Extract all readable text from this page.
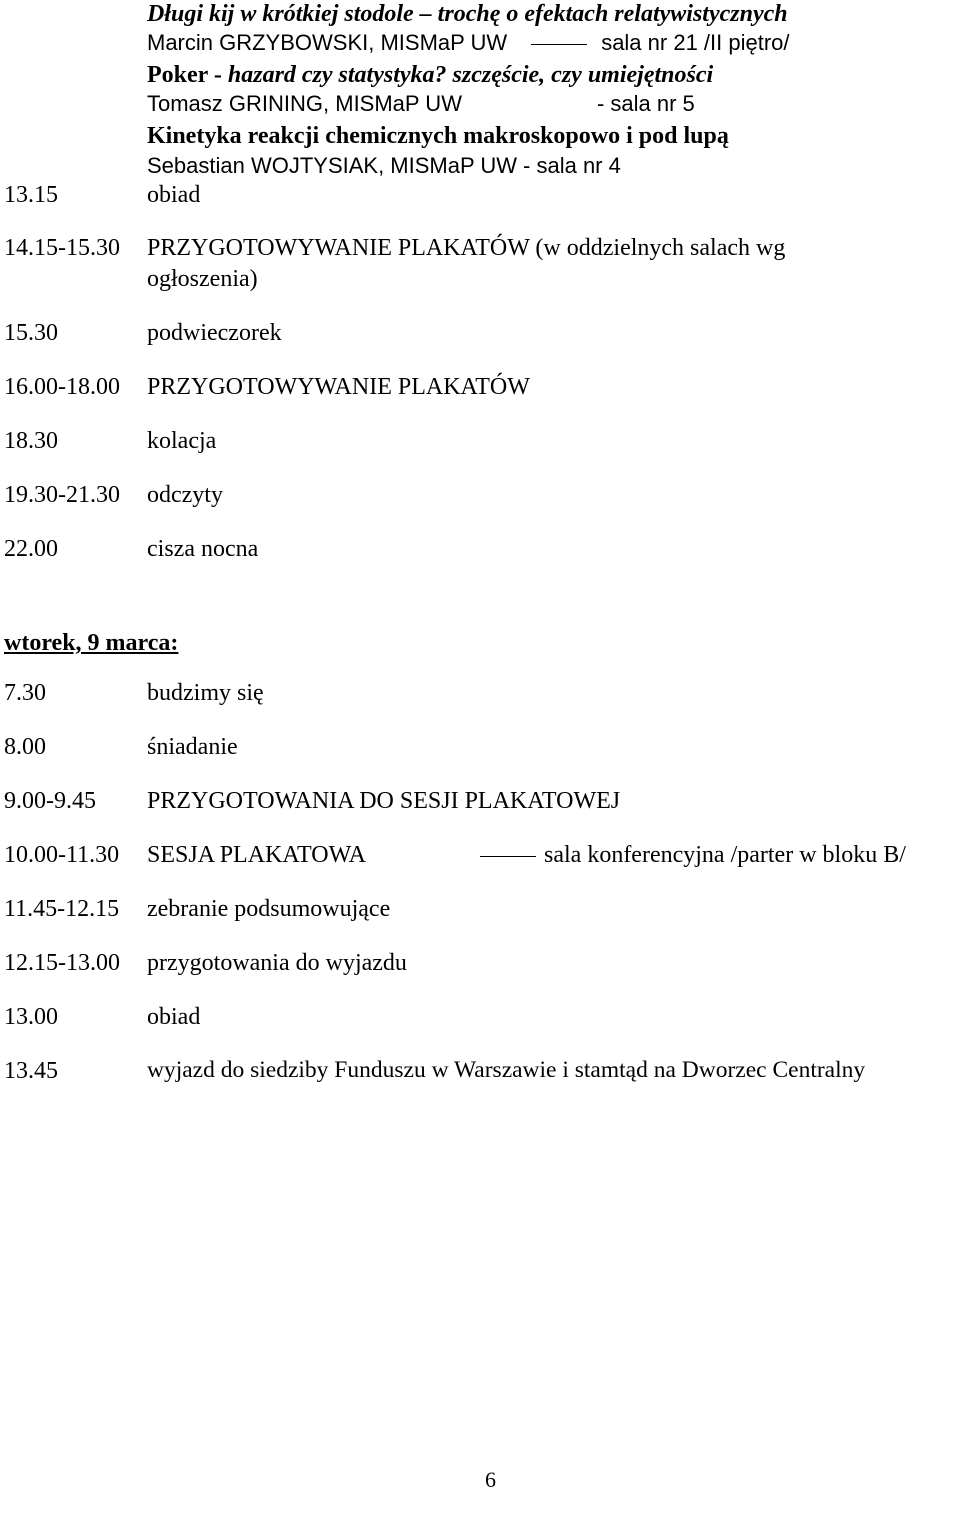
Długi kij w krótkiej stodole – trochę o efektach relatywistycznych
Marcin GRZYBOWSKI, MISMaP UW	sala nr 21 /II piętro/
Poker - hazard czy statystyka? szczęście, czy umiejętności
Tomasz GRINING, MISMaP UW	- sala nr 5
Kinetyka reakcji chemicznych makroskopowo i pod lupą
Sebastian WOJTYSIAK, MISMaP UW - sala nr 4
13.15	obiad
14.15-15.30 PRZYGOTOWYWANIE PLAKATÓW (w oddzielnych salach wg
ogłoszenia)
15.30	podwieczorek
16.00-18.00 PRZYGOTOWYWANIE PLAKATÓW
18.30	kolacja
19.30-21.30 odczyty
22.00	cisza nocna
wtorek, 9 marca:
7.30	budzimy się
8.00	śniadanie
9.00-9.45 PRZYGOTOWANIA DO SESJI PLAKATOWEJ
10.00-11.30 SESJA PLAKATOWA	sala konferencyjna /parter w bloku B/
11.45-12.15 zebranie podsumowujące
12.15-13.00 przygotowania do wyjazdu
13.00	obiad
13.45	wyjazd do siedziby Funduszu w Warszawie i stamtąd na Dworzec Centralny
6
